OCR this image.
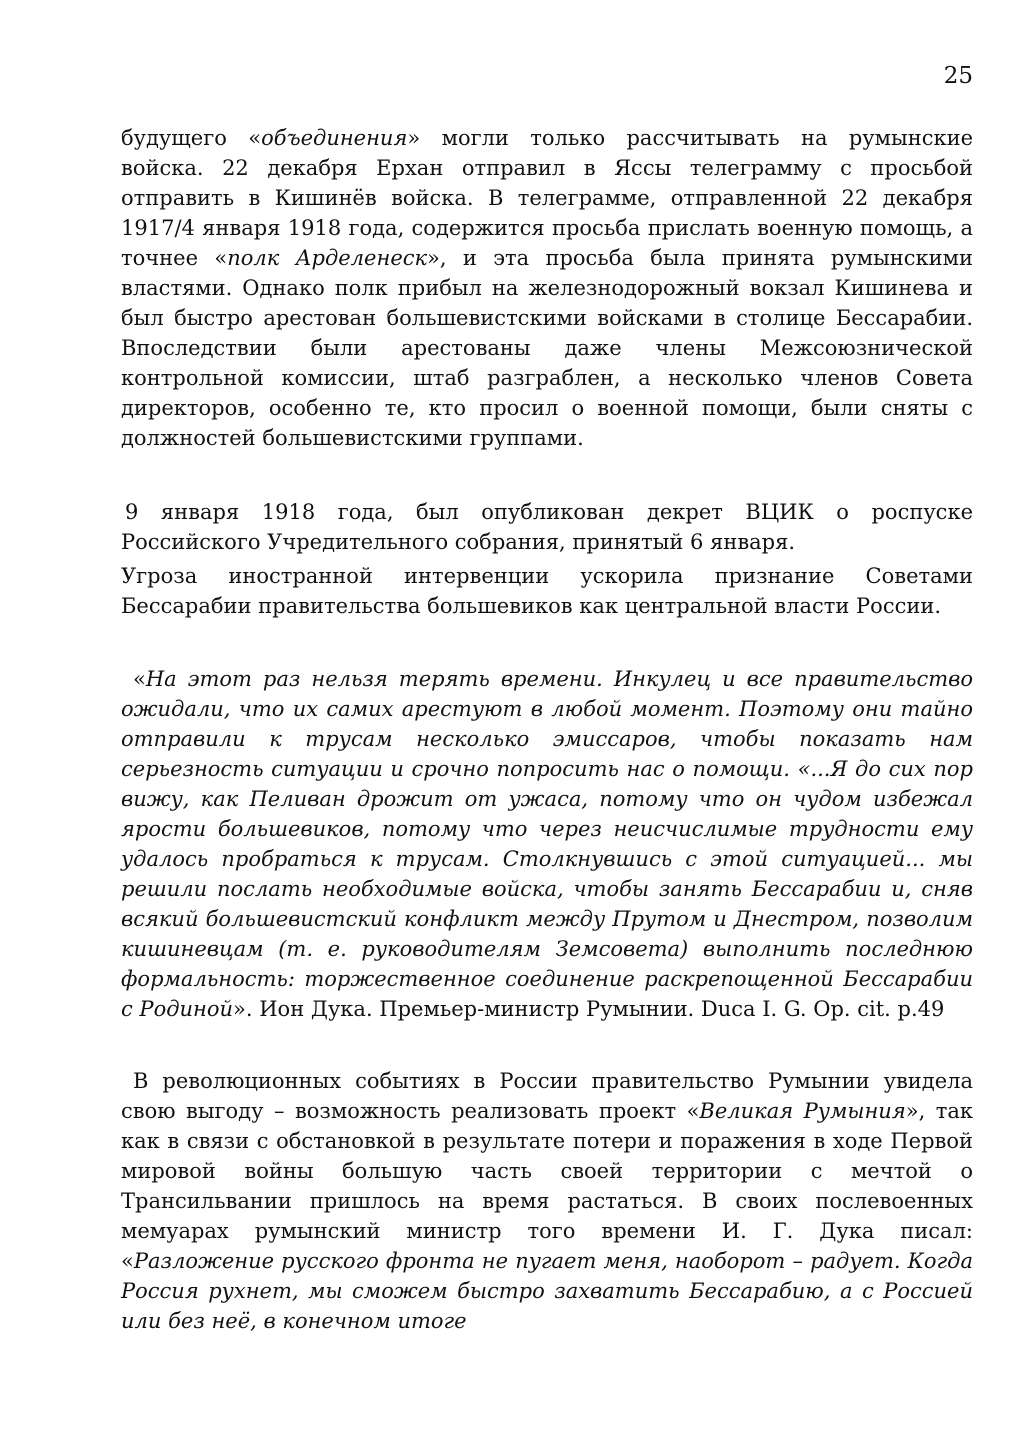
25

будущего «объединения» могли только рассчитывать на румынские войска. 22 декабря Ерхан отправил в Яссы телеграмму с просьбой отправить в Кишинёв войска. В телеграмме, отправленной 22 декабря 1917/4 января 1918 года, содержится просьба прислать военную помощь, а точнее «полк Арделенеск», и эта просьба была принята румынскими властями. Однако полк прибыл на железнодорожный вокзал Кишинева и был быстро арестован большевистскими войсками в столице Бессарабии. Впоследствии были арестованы даже члены Межсоюзнической контрольной комиссии, штаб разграблен, а несколько членов Совета директоров, особенно те, кто просил о военной помощи, были сняты с должностей большевистскими группами.

9 января 1918 года, был опубликован декрет ВЦИК о роспуске Российского Учредительного собрания, принятый 6 января.

Угроза иностранной интервенции ускорила признание Советами Бессарабии правительства большевиков как центральной власти России.

«На этот раз нельзя терять времени. Инкулец и все правительство ожидали, что их самих арестуют в любой момент. Поэтому они тайно отправили к трусам несколько эмиссаров, чтобы показать нам серьезность ситуации и срочно попросить нас о помощи. «...Я до сих пор вижу, как Пеливан дрожит от ужаса, потому что он чудом избежал ярости большевиков, потому что через неисчислимые трудности ему удалось пробраться к трусам. Столкнувшись с этой ситуацией... мы решили послать необходимые войска, чтобы занять Бессарабии и, сняв всякий большевистский конфликт между Прутом и Днестром, позволим кишиневцам (т. е. руководителям Земсовета) выполнить последнюю формальность: торжественное соединение раскрепощенной Бессарабии с Родиной». Ион Дука. Премьер-министр Румынии. Duca I. G. Op. cit. p.49

В революционных событиях в России правительство Румынии увидела свою выгоду – возможность реализовать проект «Великая Румыния», так как в связи с обстановкой в результате потери и поражения в ходе Первой мировой войны большую часть своей территории с мечтой о Трансильвании пришлось на время растаться. В своих послевоенных мемуарах румынский министр того времени И. Г. Дука писал: «Разложение русского фронта не пугает меня, наоборот – радует. Когда Россия рухнет, мы сможем быстро захватить Бессарабию, а с Россией или без неё, в конечном итоге
